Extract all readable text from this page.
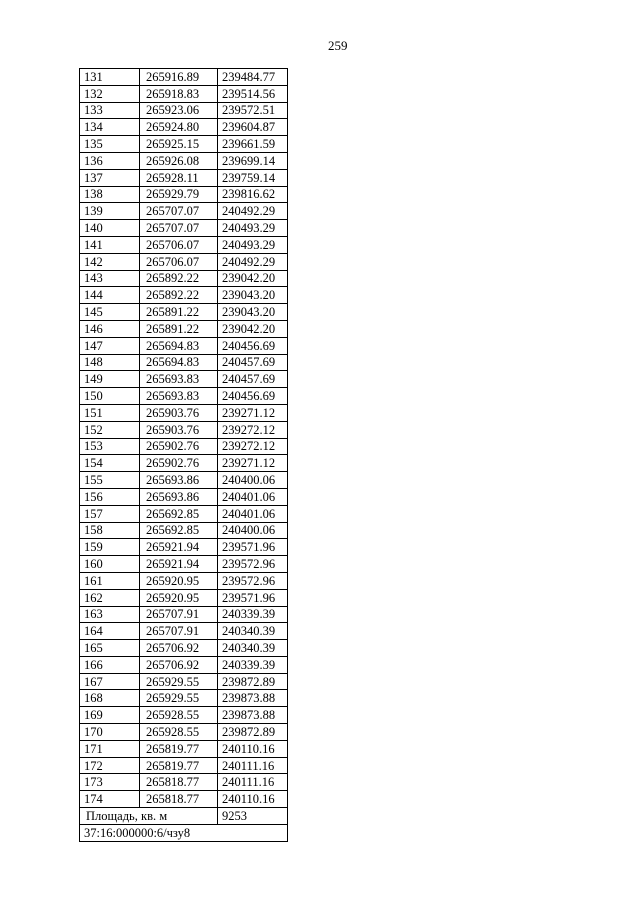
259
131	265916.89	239484.77
132	265918.83	239514.56
133	265923.06	239572.51
134	265924.80	239604.87
135	265925.15	239661.59
136	265926.08	239699.14
137	265928.11	239759.14
138	265929.79	239816.62
139	265707.07	240492.29
140	265707.07	240493.29
141	265706.07	240493.29
142	265706.07	240492.29
143	265892.22	239042.20
144	265892.22	239043.20
145	265891.22	239043.20
146	265891.22	239042.20
147	265694.83	240456.69
148	265694.83	240457.69
149	265693.83	240457.69
150	265693.83	240456.69
151	265903.76	239271.12
152	265903.76	239272.12
153	265902.76	239272.12
154	265902.76	239271.12
155	265693.86	240400.06
156	265693.86	240401.06
157	265692.85	240401.06
158	265692.85	240400.06
159	265921.94	239571.96
160	265921.94	239572.96
161	265920.95	239572.96
162	265920.95	239571.96
163	265707.91	240339.39
164	265707.91	240340.39
165	265706.92	240340.39
166	265706.92	240339.39
167	265929.55	239872.89
168	265929.55	239873.88
169	265928.55	239873.88
170	265928.55	239872.89
171	265819.77	240110.16
172	265819.77	240111.16
173	265818.77	240111.16
174	265818.77	240110.16
Площадь, кв. м		9253
37:16:000000:6/чзу8		
